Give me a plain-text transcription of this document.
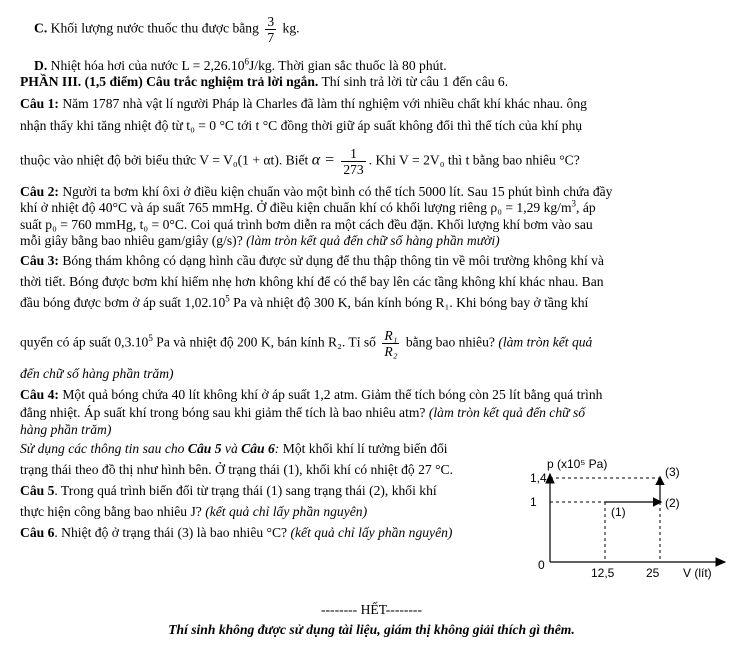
C. Khối lượng nước thuốc thu được bằng $\frac{3}{7}$ kg.
D. Nhiệt hóa hơi của nước $L = 2,26.10^6J/kg$. Thời gian sắc thuốc là 80 phút.
PHẦN III. (1,5 điểm) Câu trắc nghiệm trả lời ngắn. Thí sinh trả lời từ câu 1 đến câu 6.
Câu 1: Năm 1787 nhà vật lí người Pháp là Charles đã làm thí nghiệm với nhiều chất khí khác nhau. ông
nhận thấy khi tăng nhiệt độ từ t₀ = 0 °C tới t °C đồng thời giữ áp suất không đổi thì thể tích của khí phụ
thuộc vào nhiệt độ bởi biểu thức V = V₀(1 + αt). Biết $\alpha = \frac{1}{273}$ . Khi V = 2V₀ thì t bằng bao nhiêu °C?
Câu 2: Người ta bơm khí ôxi ở điều kiện chuẩn vào một bình có thể tích 5000 lít. Sau 15 phút bình chứa đầy
khí ở nhiệt độ 40°C và áp suất 765 mmHg. Ở điều kiện chuẩn khí có khối lượng riêng ρ₀ = 1,29 $kg/m^3$, áp
suất p₀ = 760 mmHg, t₀ = 0°C. Coi quá trình bơm diễn ra một cách đều đặn. Khối lượng khí bơm vào sau
mỗi giây bằng bao nhiêu gam/giây (g/s)? (làm tròn kết quả đến chữ số hàng phần mười)
Câu 3: Bóng thám không có dạng hình cầu được sử dụng để thu thập thông tin về môi trường không khí và
thời tiết. Bóng được bơm khí hiếm nhẹ hơn không khí để có thể bay lên các tầng không khí khác nhau. Ban
đầu bóng được bơm ở áp suất 1,02.10$^5$ Pa và nhiệt độ 300 K, bán kính bóng R₁. Khi bóng bay ở tầng khí
quyển có áp suất 0,3.10$^5$ Pa và nhiệt độ 200 K, bán kính R₂. Tỉ số $\frac{\text{R₁}}{\text{R₂}}$ bằng bao nhiêu? (làm tròn kết quả
đến chữ số hàng phần trăm)
Câu 4: Một quả bóng chứa 40 lít không khí ở áp suất 1,2 atm. Giảm thể tích bóng còn 25 lít bằng quá trình
đẳng nhiệt. Áp suất khí trong bóng sau khi giảm thể tích là bao nhiêu atm? (làm tròn kết quả đến chữ số
hàng phần trăm)
Sử dụng các thông tin sau cho Câu 5 và Câu 6: Một khối khí lí tưởng biến đổi
trạng thái theo đồ thị như hình bên. Ở trạng thái (1), khối khí có nhiệt độ 27 °C.
Câu 5. Trong quá trình biến đổi từ trạng thái (1) sang trạng thái (2), khối khí
thực hiện công bằng bao nhiêu J? (kết quả chỉ lấy phần nguyên)
Câu 6. Nhiệt độ ở trạng thái (3) là bao nhiêu °C? (kết quả chỉ lấy phần nguyên)
p (x10⁵ Pa)
V (lít)
0
(1)
(2)
(3)
1,4
1
12,5	25
-------- HẾT--------
Thí sinh không được sử dụng tài liệu, giám thị không giải thích gì thêm.
